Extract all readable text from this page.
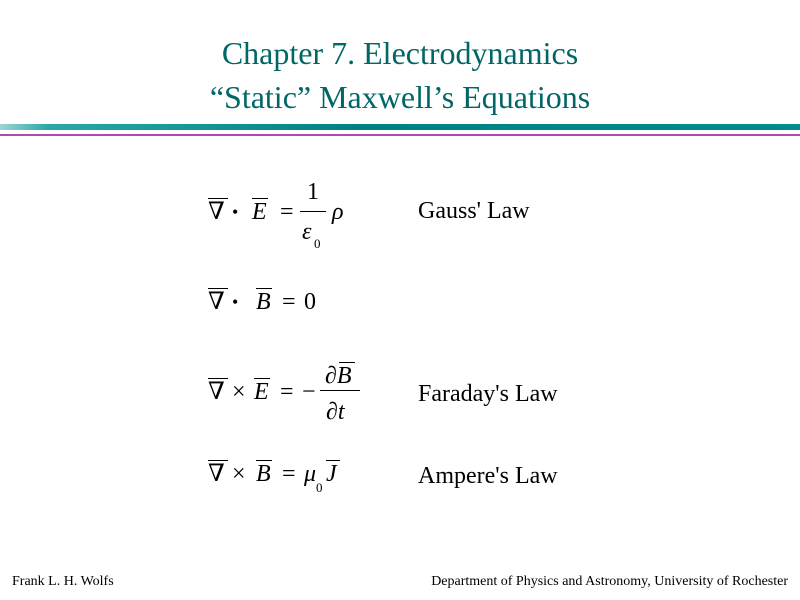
Chapter 7. Electrodynamics
“Static” Maxwell’s Equations
∇ • E =
1
ε 0
ρ	Gauss' Law
∇ • B = 0
∇ × E = −
∂B
∂t
Faraday's Law
∇ × B = μ
0
J	Ampere's Law
Frank L. H. Wolfs	Department of Physics and Astronomy, University of Rochester
